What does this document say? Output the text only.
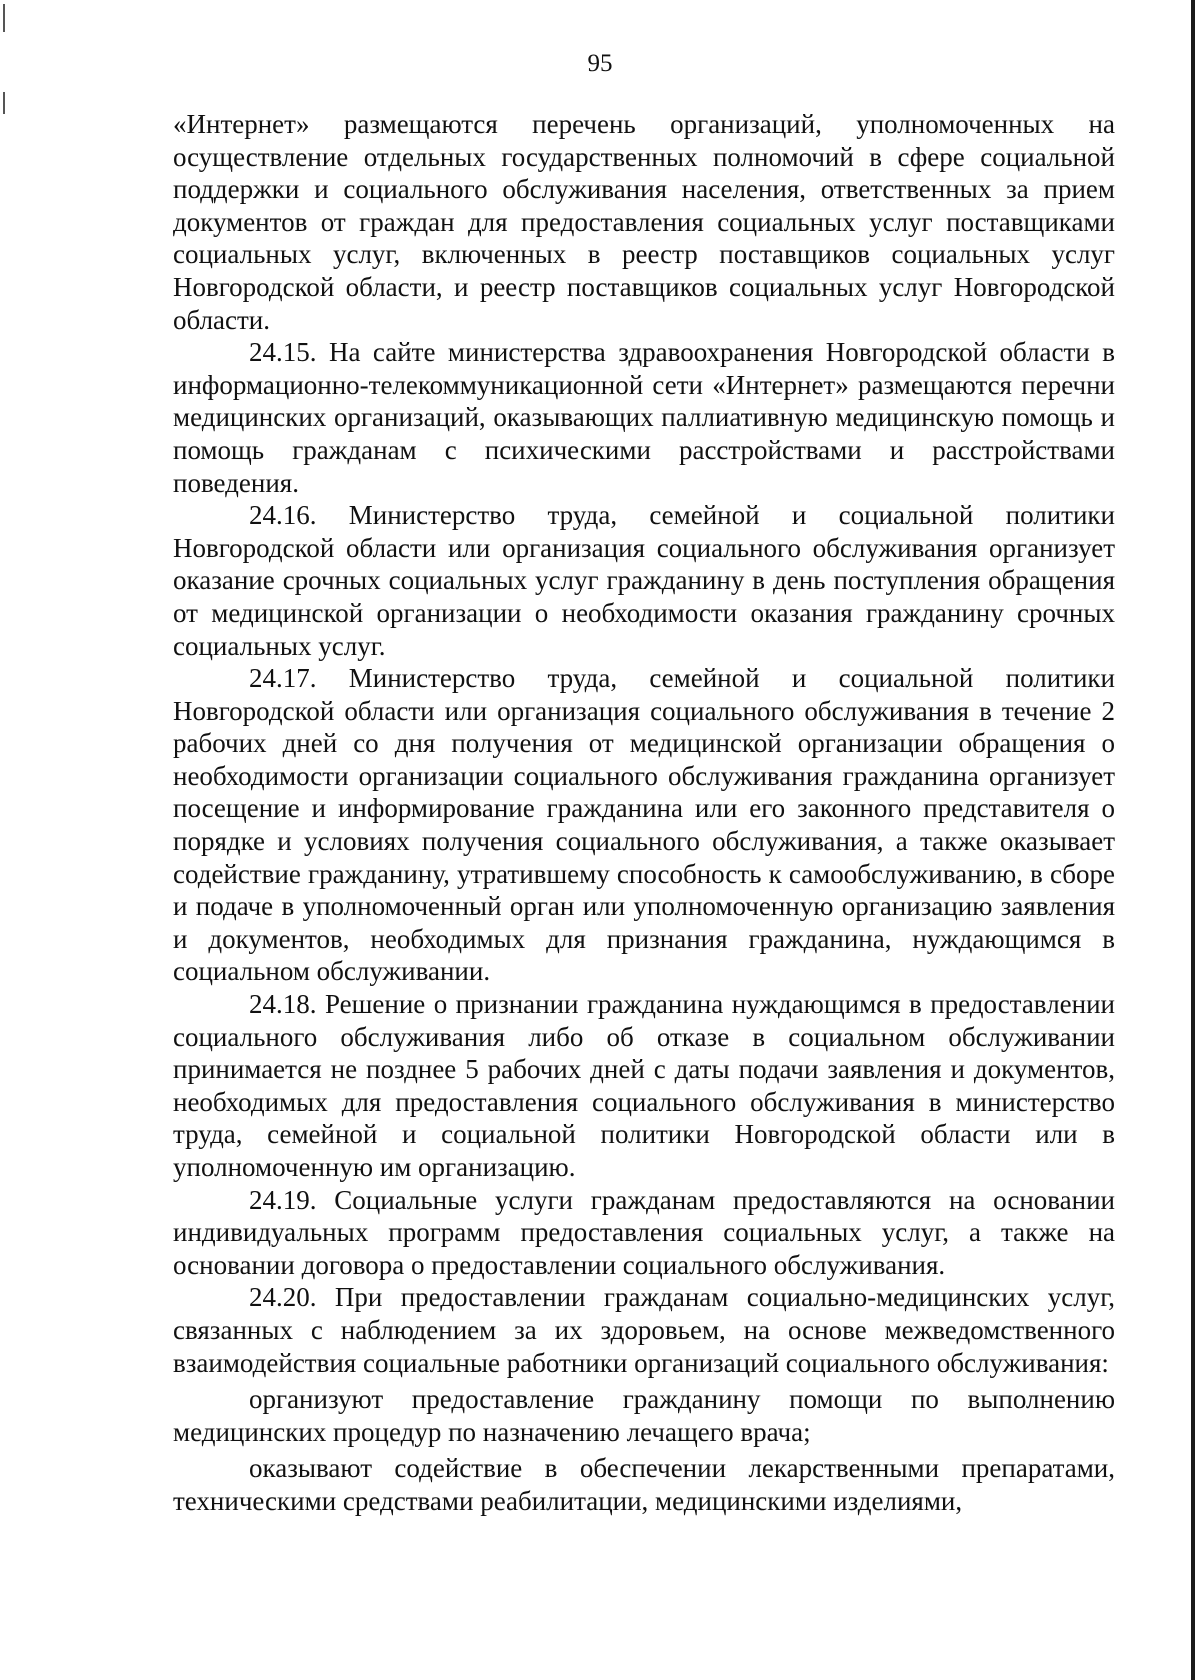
95

«Интернет» размещаются перечень организаций, уполномоченных на осуществление отдельных государственных полномочий в сфере социальной поддержки и социального обслуживания населения, ответственных за прием документов от граждан для предоставления социальных услуг поставщиками социальных услуг, включенных в реестр поставщиков социальных услуг Новгородской области, и реестр поставщиков социальных услуг Новгородской области.

24.15. На сайте министерства здравоохранения Новгородской области в информационно-телекоммуникационной сети «Интернет» размещаются перечни медицинских организаций, оказывающих паллиативную медицинскую помощь и помощь гражданам с психическими расстройствами и расстройствами поведения.

24.16. Министерство труда, семейной и социальной политики Новгородской области или организация социального обслуживания организует оказание срочных социальных услуг гражданину в день поступления обращения от медицинской организации о необходимости оказания гражданину срочных социальных услуг.

24.17. Министерство труда, семейной и социальной политики Новгородской области или организация социального обслуживания в течение 2 рабочих дней со дня получения от медицинской организации обращения о необходимости организации социального обслуживания гражданина организует посещение и информирование гражданина или его законного представителя о порядке и условиях получения социального обслуживания, а также оказывает содействие гражданину, утратившему способность к самообслуживанию, в сборе и подаче в уполномоченный орган или уполномоченную организацию заявления и документов, необходимых для признания гражданина, нуждающимся в социальном обслуживании.

24.18. Решение о признании гражданина нуждающимся в предоставлении социального обслуживания либо об отказе в социальном обслуживании принимается не позднее 5 рабочих дней с даты подачи заявления и документов, необходимых для предоставления социального обслуживания в министерство труда, семейной и социальной политики Новгородской области или в уполномоченную им организацию.

24.19. Социальные услуги гражданам предоставляются на основании индивидуальных программ предоставления социальных услуг, а также на основании договора о предоставлении социального обслуживания.

24.20. При предоставлении гражданам социально-медицинских услуг, связанных с наблюдением за их здоровьем, на основе межведомственного взаимодействия социальные работники организаций социального обслуживания:

организуют предоставление гражданину помощи по выполнению медицинских процедур по назначению лечащего врача;

оказывают содействие в обеспечении лекарственными препаратами, техническими средствами реабилитации, медицинскими изделиями,
